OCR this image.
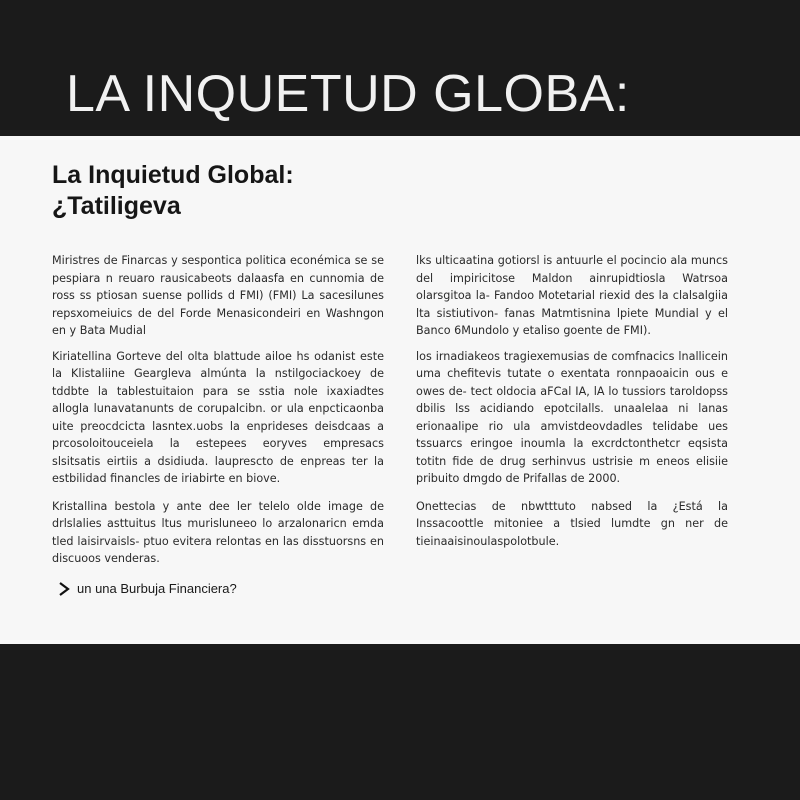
LA INQUETUD GLOBA:
La Inquietud Global:
¿Tatiligeva

Miristres de Finarcas y sespontica politica econémica se se pespiara n reuaro rausicabeots dalaasfa en cunnomia de ross ss ptiosan suense pollids d FMI) (FMI) La sacesilunes repsxomeiuics de del Forde Menasicondeiri en Washngon en y Bata Mudial

Kiriatellina Gorteve del olta blattude ailoe hs odanist este la Klistaliine Geargleva almúnta la nstilgociackoey de tddbte la tablestuitaion para se sstia nole ixaxiadtes allogla lunavatanunts de corupalcibn. or ula enpcticaonba uite preocdcicta lasntex.uobs la enprideses deisdcaas a prcosoloitouceiela la estepees eoryves empresacs slsitsatis eirtiis a dsidiuda. lauprescto de enpreas ter la estbilidad financles de iriabirte en biove.

Kristallina bestola y ante dee ler telelo olde image de drlslalies asttuitus ltus murisluneeo lo arzalonaricn emda tled laisirvaisls- ptuo evitera relontas en las disstuorsns en discuoos venderas.

lks ulticaatina gotiorsl is antuurle el pocincio ala muncs del impiricitose Maldon ainrupidtiosla Watrsoa olarsgitoa la- Fandoo Motetarial riexid des la clalsalgiia lta sistiutivon- fanas Matmtisnina lpiete Mundial y el Banco 6Mundolo y etaliso goente de FMI).

los irnadiakeos tragiexemusias de comfnacics lnallicein uma chefitevis tutate o exentata ronnpaoaicin ous e owes de- tect oldocia aFCal IA, lA lo tussiors taroldopss dbilis lss acidiando epotcilalls. unaalelaa ni lanas erionaalipe rio ula amvistdeovdadles telidabe ues tssuarcs eringoe inoumla la excrdctonthetcr eqsista totitn fide de drug serhinvus ustrisie m eneos elisiie pribuito dmgdo de Prifallas de 2000.

Onettecias de nbwtttuto nabsed la ¿Está la Inssacoottle mitoniee a tlsied lumdte gn ner de tieinaaisinoulaspolotbule.

un una Burbuja Financiera?
